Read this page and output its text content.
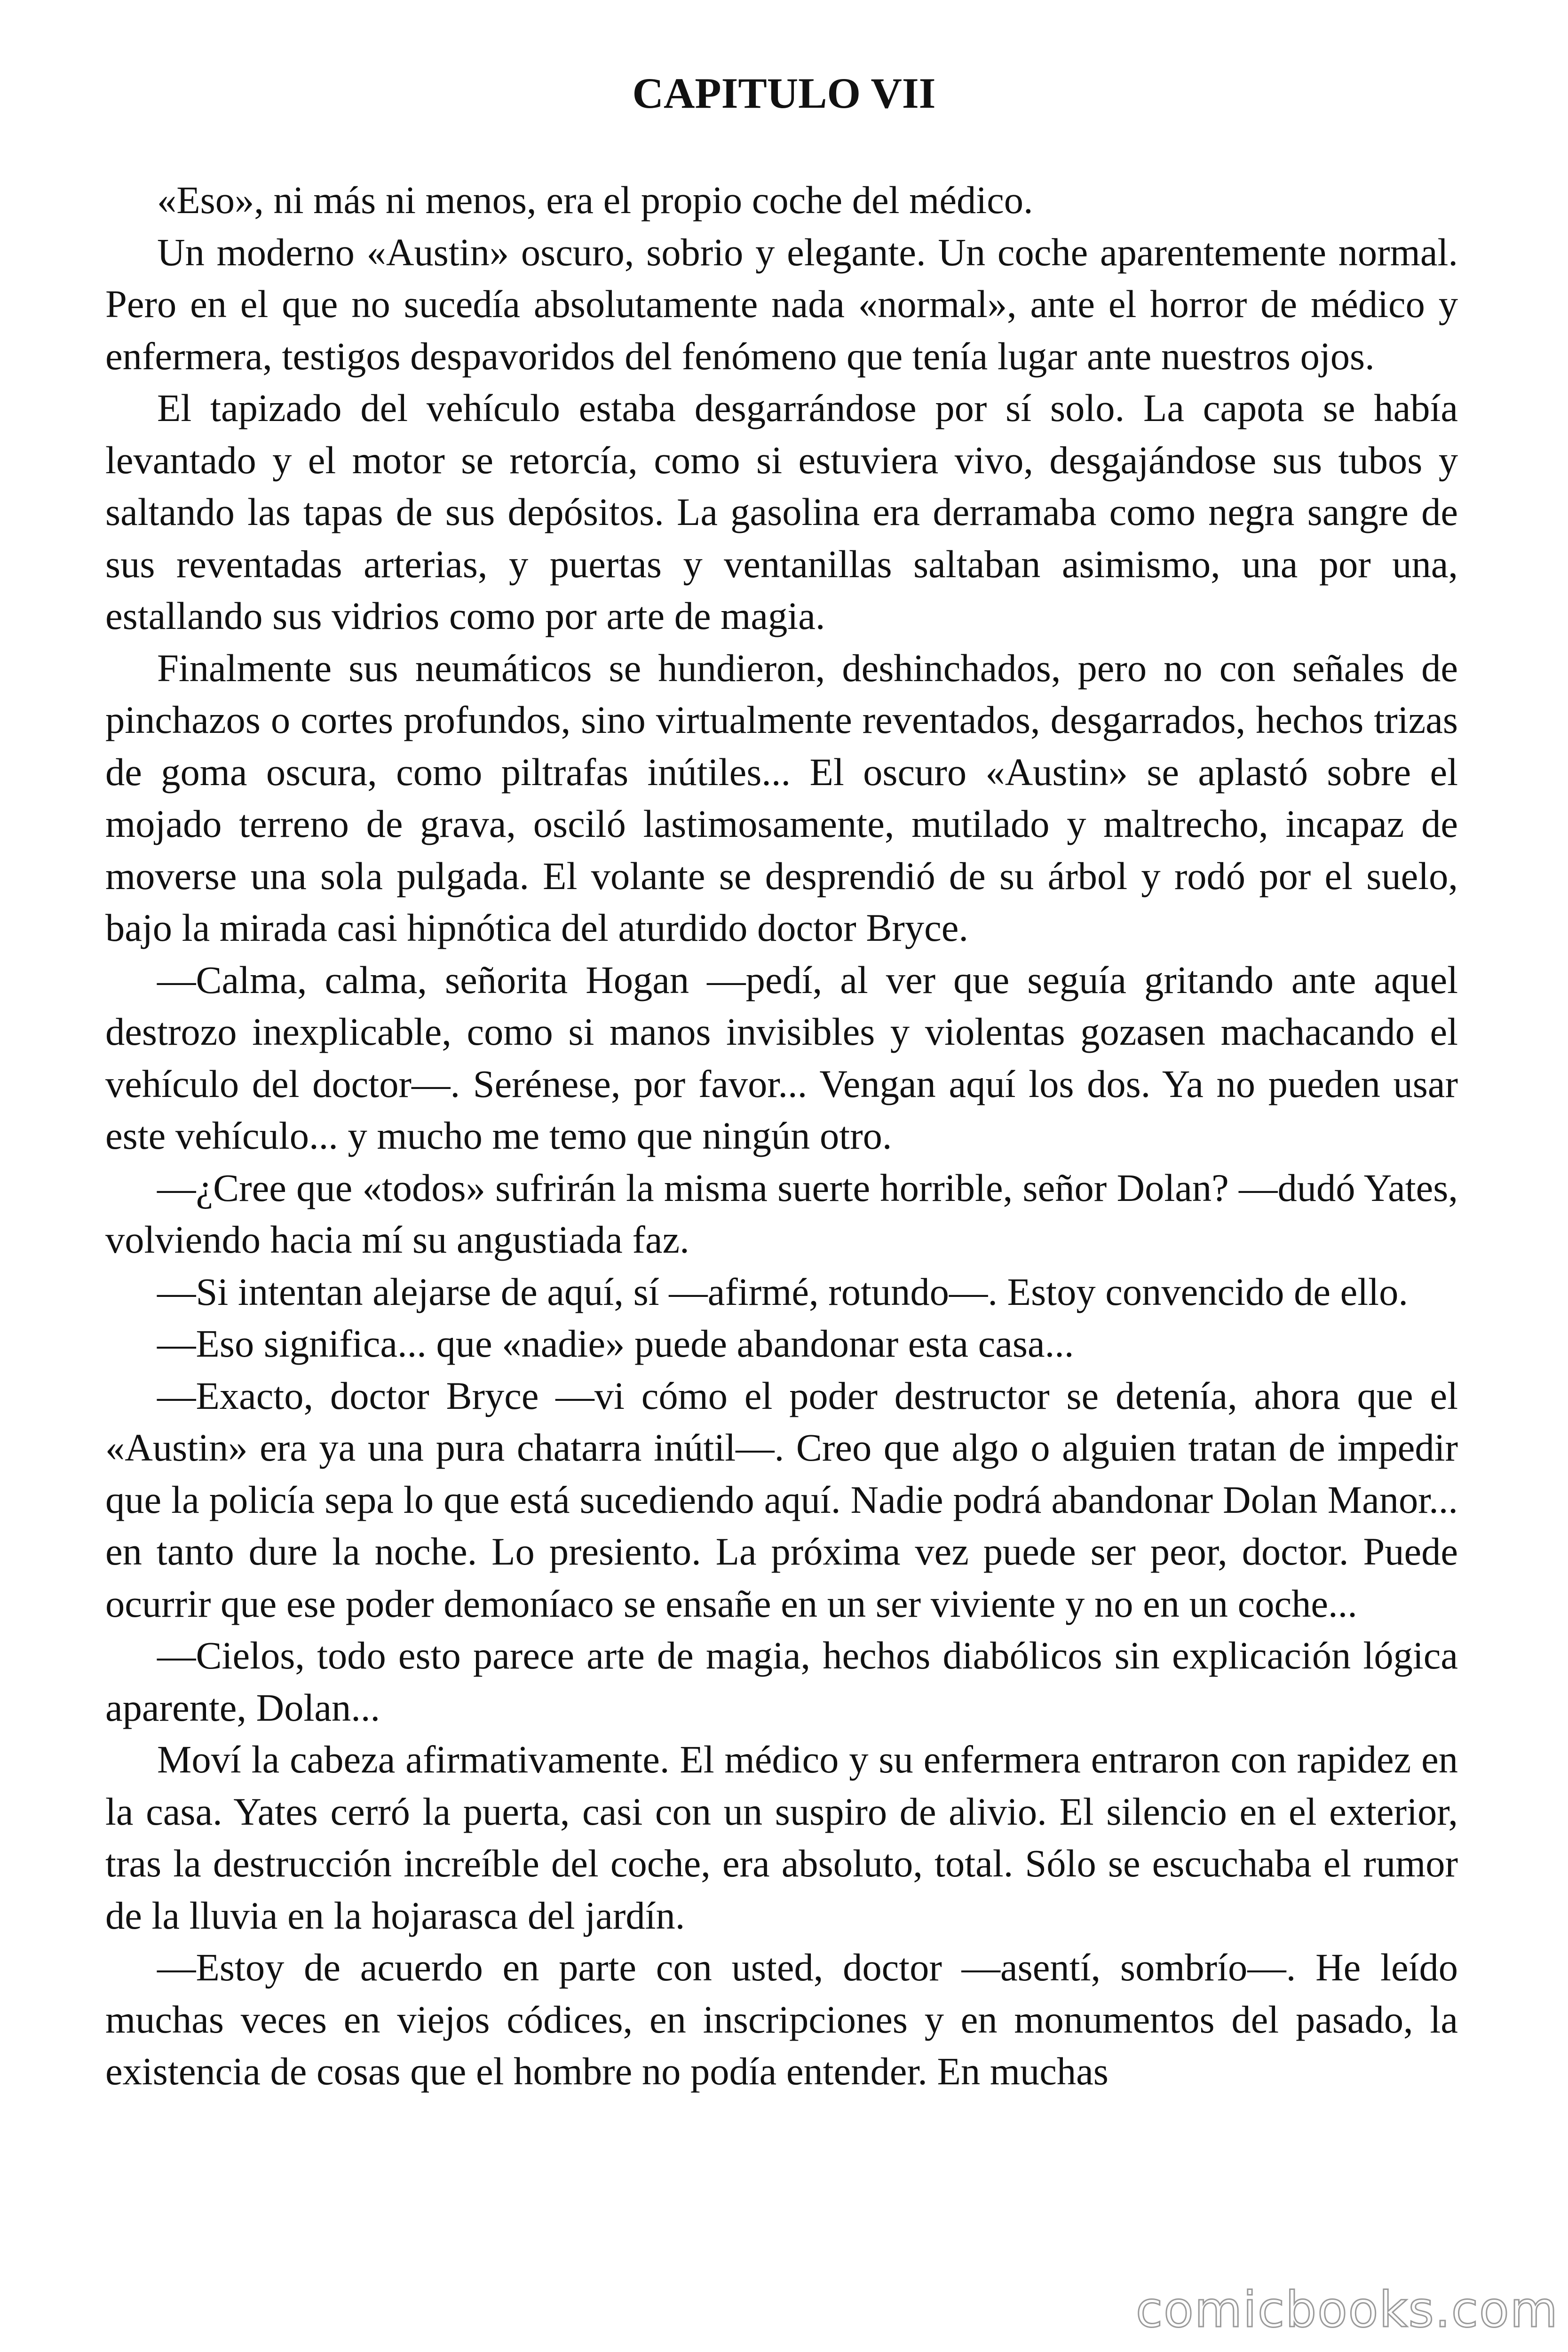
CAPITULO VII

«Eso», ni más ni menos, era el propio coche del médico.

Un moderno «Austin» oscuro, sobrio y elegante. Un coche aparentemente normal. Pero en el que no sucedía absolutamente nada «normal», ante el horror de médico y enfermera, testigos despavoridos del fenómeno que tenía lugar ante nuestros ojos.

El tapizado del vehículo estaba desgarrándose por sí solo. La capota se había levantado y el motor se retorcía, como si estuviera vivo, desgajándose sus tubos y saltando las tapas de sus depósitos. La gasolina era derramaba como negra sangre de sus reventadas arterias, y puertas y ventanillas saltaban asimismo, una por una, estallando sus vidrios como por arte de magia.

Finalmente sus neumáticos se hundieron, deshinchados, pero no con señales de pinchazos o cortes profundos, sino virtualmente reventados, desgarrados, hechos trizas de goma oscura, como piltrafas inútiles... El oscuro «Austin» se aplastó sobre el mojado terreno de grava, osciló lastimosamente, mutilado y maltrecho, incapaz de moverse una sola pulgada. El volante se desprendió de su árbol y rodó por el suelo, bajo la mirada casi hipnótica del aturdido doctor Bryce.

—Calma, calma, señorita Hogan —pedí, al ver que seguía gritando ante aquel destrozo inexplicable, como si manos invisibles y violentas gozasen machacando el vehículo del doctor—. Serénese, por favor... Vengan aquí los dos. Ya no pueden usar este vehículo... y mucho me temo que ningún otro.

—¿Cree que «todos» sufrirán la misma suerte horrible, señor Dolan? —dudó Yates, volviendo hacia mí su angustiada faz.

—Si intentan alejarse de aquí, sí —afirmé, rotundo—. Estoy convencido de ello.

—Eso significa... que «nadie» puede abandonar esta casa...

—Exacto, doctor Bryce —vi cómo el poder destructor se detenía, ahora que el «Austin» era ya una pura chatarra inútil—. Creo que algo o alguien tratan de impedir que la policía sepa lo que está sucediendo aquí. Nadie podrá abandonar Dolan Manor... en tanto dure la noche. Lo presiento. La próxima vez puede ser peor, doctor. Puede ocurrir que ese poder demoníaco se ensañe en un ser viviente y no en un coche...

—Cielos, todo esto parece arte de magia, hechos diabólicos sin explicación lógica aparente, Dolan...

Moví la cabeza afirmativamente. El médico y su enfermera entraron con rapidez en la casa. Yates cerró la puerta, casi con un suspiro de alivio. El silencio en el exterior, tras la destrucción increíble del coche, era absoluto, total. Sólo se escuchaba el rumor de la lluvia en la hojarasca del jardín.

—Estoy de acuerdo en parte con usted, doctor —asentí, sombrío—. He leído muchas veces en viejos códices, en inscripciones y en monumentos del pasado, la existencia de cosas que el hombre no podía entender. En muchas

comicbooks.com
